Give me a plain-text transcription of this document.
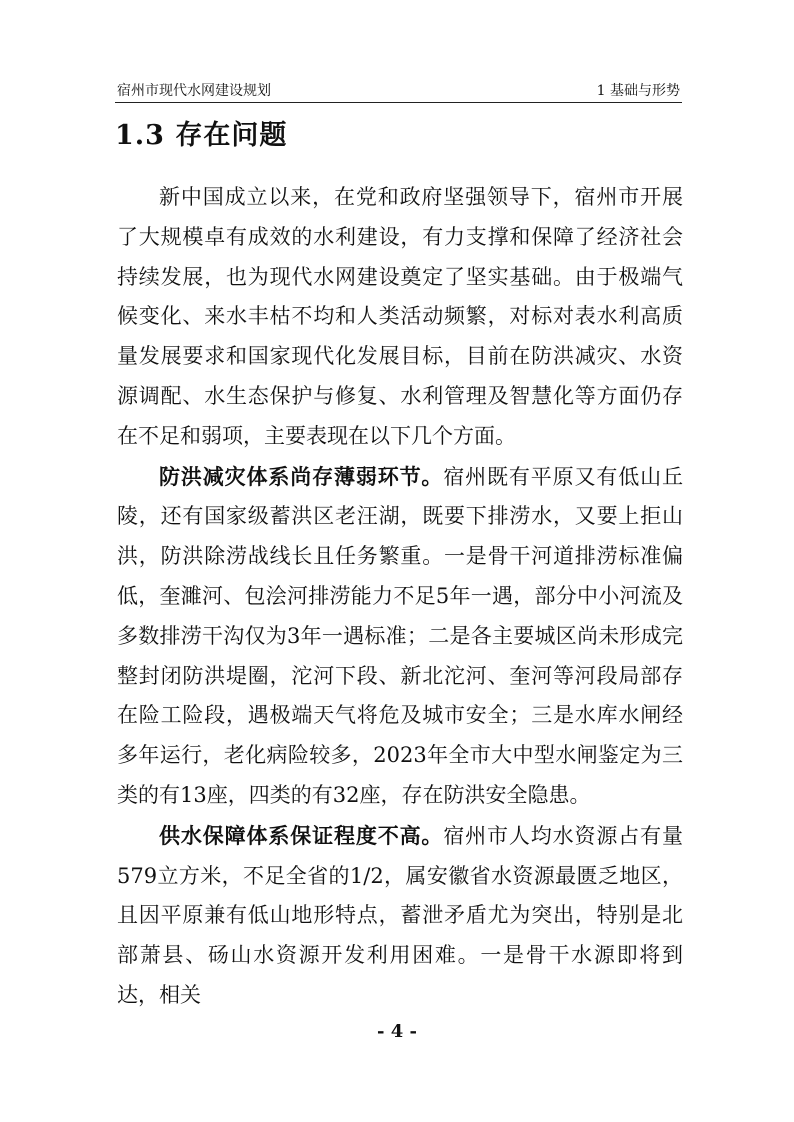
宿州市现代水网建设规划	1 基础与形势
1.3 存在问题

新中国成立以来，在党和政府坚强领导下，宿州市开展了大规模卓有成效的水利建设，有力支撑和保障了经济社会持续发展，也为现代水网建设奠定了坚实基础。由于极端气候变化、来水丰枯不均和人类活动频繁，对标对表水利高质量发展要求和国家现代化发展目标，目前在防洪减灾、水资源调配、水生态保护与修复、水利管理及智慧化等方面仍存在不足和弱项，主要表现在以下几个方面。

防洪减灾体系尚存薄弱环节。宿州既有平原又有低山丘陵，还有国家级蓄洪区老汪湖，既要下排涝水，又要上拒山洪，防洪除涝战线长且任务繁重。一是骨干河道排涝标准偏低，奎濉河、包浍河排涝能力不足5年一遇，部分中小河流及多数排涝干沟仅为3年一遇标准；二是各主要城区尚未形成完整封闭防洪堤圈，沱河下段、新北沱河、奎河等河段局部存在险工险段，遇极端天气将危及城市安全；三是水库水闸经多年运行，老化病险较多，2023年全市大中型水闸鉴定为三类的有13座，四类的有32座，存在防洪安全隐患。

供水保障体系保证程度不高。宿州市人均水资源占有量579立方米，不足全省的1/2，属安徽省水资源最匮乏地区，且因平原兼有低山地形特点，蓄泄矛盾尤为突出，特别是北部萧县、砀山水资源开发利用困难。一是骨干水源即将到达，相关

- 4 -
